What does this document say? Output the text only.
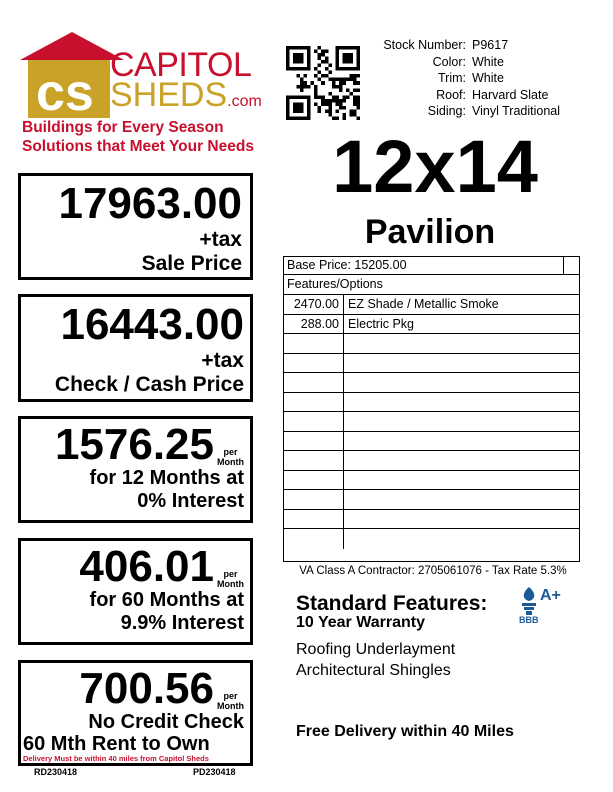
cs CAPITOL
SHEDS.com
Buildings for Every Season
Solutions that Meet Your Needs
Stock Number: P9617
Color: White
Trim: White
Roof: Harvard Slate
Siding: Vinyl Traditional
12x14
Pavilion
17963.00
+tax
Sale Price
16443.00
+tax
Check / Cash Price
1576.25 per
Month
for 12 Months at
0% Interest
406.01 per
Month
for 60 Months at
9.9% Interest
700.56 per
Month
No Credit Check
60 Mth Rent to Own
Delivery Must be within 40 miles from Capitol Sheds
RD230418	PD230418
Base Price: 15205.00
Features/Options
2470.00 EZ Shade / Metallic Smoke
288.00 Electric Pkg
VA Class A Contractor: 2705061076 - Tax Rate 5.3%
Standard Features:
10 Year Warranty
Roofing Underlayment
Architectural Shingles
Free Delivery within 40 Miles
A+
BBB
